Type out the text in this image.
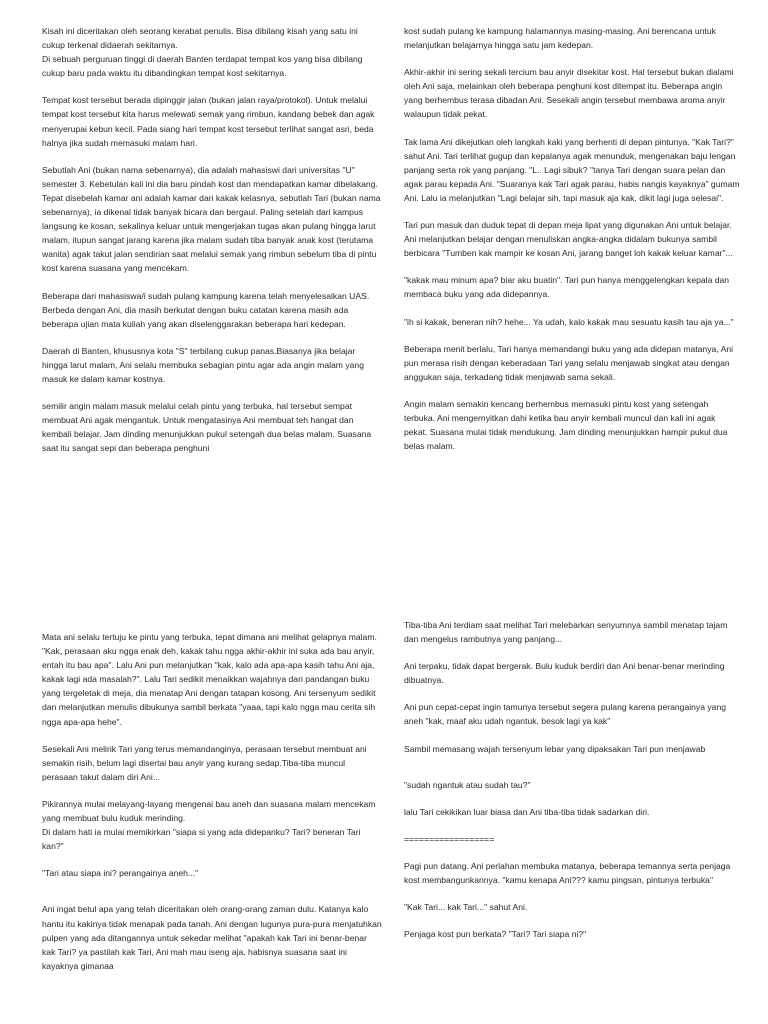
Kisah ini diceritakan oleh seorang kerabat penulis. Bisa dibilang kisah yang satu ini cukup terkenal didaerah sekitarnya.
Di sebuah perguruan tinggi di daerah Banten terdapat tempat kos yang bisa dibilang cukup baru pada waktu itu dibandingkan tempat kost sekitarnya.

Tempat kost tersebut berada dipinggir jalan (bukan jalan raya/protokol). Untuk melalui tempat kost tersebut kita harus melewati semak yang rimbun, kandang bebek dan agak menyerupai kebun kecil. Pada siang hari tempat kost tersebut terlihat sangat asri, beda halnya jika sudah memasuki malam hari.

Sebutlah Ani (bukan nama sebenarnya), dia adalah mahasiswi dari universitas "U" semester 3. Kebetulan kali ini dia baru pindah kost dan mendapatkan kamar dibelakang. Tepat disebelah kamar ani adalah kamar dari kakak kelasnya, sebutlah Tari (bukan nama sebenarnya), ia dikenal tidak banyak bicara dan bergaul. Paling setelah dari kampus langsung ke kosan, sekalinya keluar untuk mengerjakan tugas akan pulang hingga larut malam, itupun sangat jarang karena jika malam sudah tiba banyak anak kost (terutama wanita) agak takut jalan sendirian saat melalui semak yang rimbun sebelum tiba di pintu kost karena suasana yang mencekam.

Beberapa dari mahasiswa/i sudah pulang kampung karena telah menyelesaikan UAS. Berbeda dengan Ani, dia masih berkutat dengan buku catatan karena masih ada beberapa ujian mata kuliah yang akan diselenggarakan beberapa hari kedepan.

Daerah di Banten, khususnya kota "S" terbilang cukup panas.Biasanya jika belajar hingga larut malam, Ani selalu membuka sebagian pintu agar ada angin malam yang masuk ke dalam kamar kostnya.

semilir angin malam masuk melalui celah pintu yang terbuka, hal tersebut sempat membuat Ani agak mengantuk. Untuk mengatasinya Ani membuat teh hangat dan kembali belajar. Jam dinding menunjukkan pukul setengah dua belas malam. Suasana saat itu sangat sepi dan beberapa penghuni

kost sudah pulang ke kampung halamannya masing-masing. Ani berencana untuk melanjutkan belajarnya hingga satu jam kedepan.

Akhir-akhir ini sering sekali tercium bau anyir disekitar kost. Hal tersebut bukan dialami oleh Ani saja, melainkan oleh beberapa penghuni kost ditempat itu. Beberapa angin yang berhembus terasa dibadan Ani. Sesekali angin tersebut membawa aroma anyir walaupun tidak pekat.

Tak lama Ani dikejutkan oleh langkah kaki yang berhenti di depan pintunya. "Kak Tari?" sahut Ani. Tari terlihat gugup dan kepalanya agak menunduk, mengenakan baju lengan panjang serta rok yang panjang. "L.. Lagi sibuk? "tanya Tari dengan suara pelan dan agak parau kepada Ani. "Suaranya kak Tari agak parau, habis nangis kayaknya" gumam Ani. Lalu ia melanjutkan "Lagi belajar sih, tapi masuk aja kak, dikit lagi juga selesai".

Tari pun masuk dan duduk tepat di depan meja lipat yang digunakan Ani untuk belajar. Ani melanjutkan belajar dengan menuliskan angka-angka didalam bukunya sambil berbicara "Tumben kak mampir ke kosan Ani, jarang banget loh kakak keluar kamar"...

"kakak mau minum apa? biar aku buatin". Tari pun hanya menggelengkan kepala dan membaca buku yang ada didepannya.

"ih si kakak, beneran nih? hehe... Ya udah, kalo kakak mau sesuatu kasih tau aja ya..."

Beberapa menit berlalu, Tari hanya memandangi buku yang ada didepan matanya, Ani pun merasa risih dengan keberadaan Tari yang selalu menjawab singkat atau dengan anggukan saja, terkadang tidak menjawab sama sekali.

Angin malam semakin kencang berhembus memasuki pintu kost yang setengah terbuka. Ani mengernyitkan dahi ketika bau anyir kembali muncul dan kali ini agak pekat. Suasana mulai tidak mendukung. Jam dinding menunjukkan hampir pukul dua belas malam.

Mata ani selalu tertuju ke pintu yang terbuka, tepat dimana ani melihat gelapnya malam. "Kak, perasaan aku ngga enak deh, kakak tahu ngga akhir-akhir ini suka ada bau anyir, entah itu bau apa". Lalu Ani pun melanjutkan "kak, kalo ada apa-apa kasih tahu Ani aja, kakak lagi ada masalah?". Lalu Tari sedikit menaikkan wajahnya dari pandangan buku yang tergeletak di meja, dia menatap Ani dengan tatapan kosong. Ani tersenyum sedikit dan melanjutkan menulis dibukunya sambil berkata "yaaa, tapi kalo ngga mau cerita sih ngga apa-apa hehe".

Sesekali Ani melirik Tari yang terus memandanginya, perasaan tersebut membuat ani semakin risih, belum lagi disertai bau anyir yang kurang sedap.Tiba-tiba muncul perasaan takut dalam diri Ani...

Pikirannya mulai melayang-layang mengenai bau aneh dan suasana malam mencekam yang membuat bulu kuduk merinding.
Di dalam hati ia mulai memikirkan "siapa si yang ada didepanku? Tari? beneran Tari kan?"

"Tari atau siapa ini? perangainya aneh..."

Ani ingat betul apa yang telah diceritakan oleh orang-orang zaman dulu. Katanya kalo hantu itu kakinya tidak menapak pada tanah. Ani dengan lugunya pura-pura menjatuhkan pulpen yang ada ditangannya untuk sekedar melihat "apakah kak Tari ini benar-benar kak Tari? ya pastilah kak Tari, Ani mah mau iseng aja, habisnya suasana saat ini kayaknya gimanaa

Tiba-tiba Ani terdiam saat melihat Tari melebarkan senyumnya sambil menatap tajam dan mengelus rambutnya yang panjang...

Ani terpaku, tidak dapat bergerak. Bulu kuduk berdiri dan Ani benar-benar merinding dibuatnya.

Ani pun cepat-cepat ingin tamunya tersebut segera pulang karena perangainya yang aneh "kak, maaf aku udah ngantuk, besok lagi ya kak"

Sambil memasang wajah tersenyum lebar yang dipaksakan Tari pun menjawab

"sudah ngantuk atau sudah tau?"

lalu Tari cekikikan luar biasa dan Ani tiba-tiba tidak sadarkan diri.

==================

Pagi pun datang. Ani perlahan membuka matanya, beberapa temannya serta penjaga kost membangunkannya. "kamu kenapa Ani??? kamu pingsan, pintunya terbuka"

"Kak Tari... kak Tari..." sahut Ani.

Penjaga kost pun berkata? "Tari? Tari siapa ni?"
